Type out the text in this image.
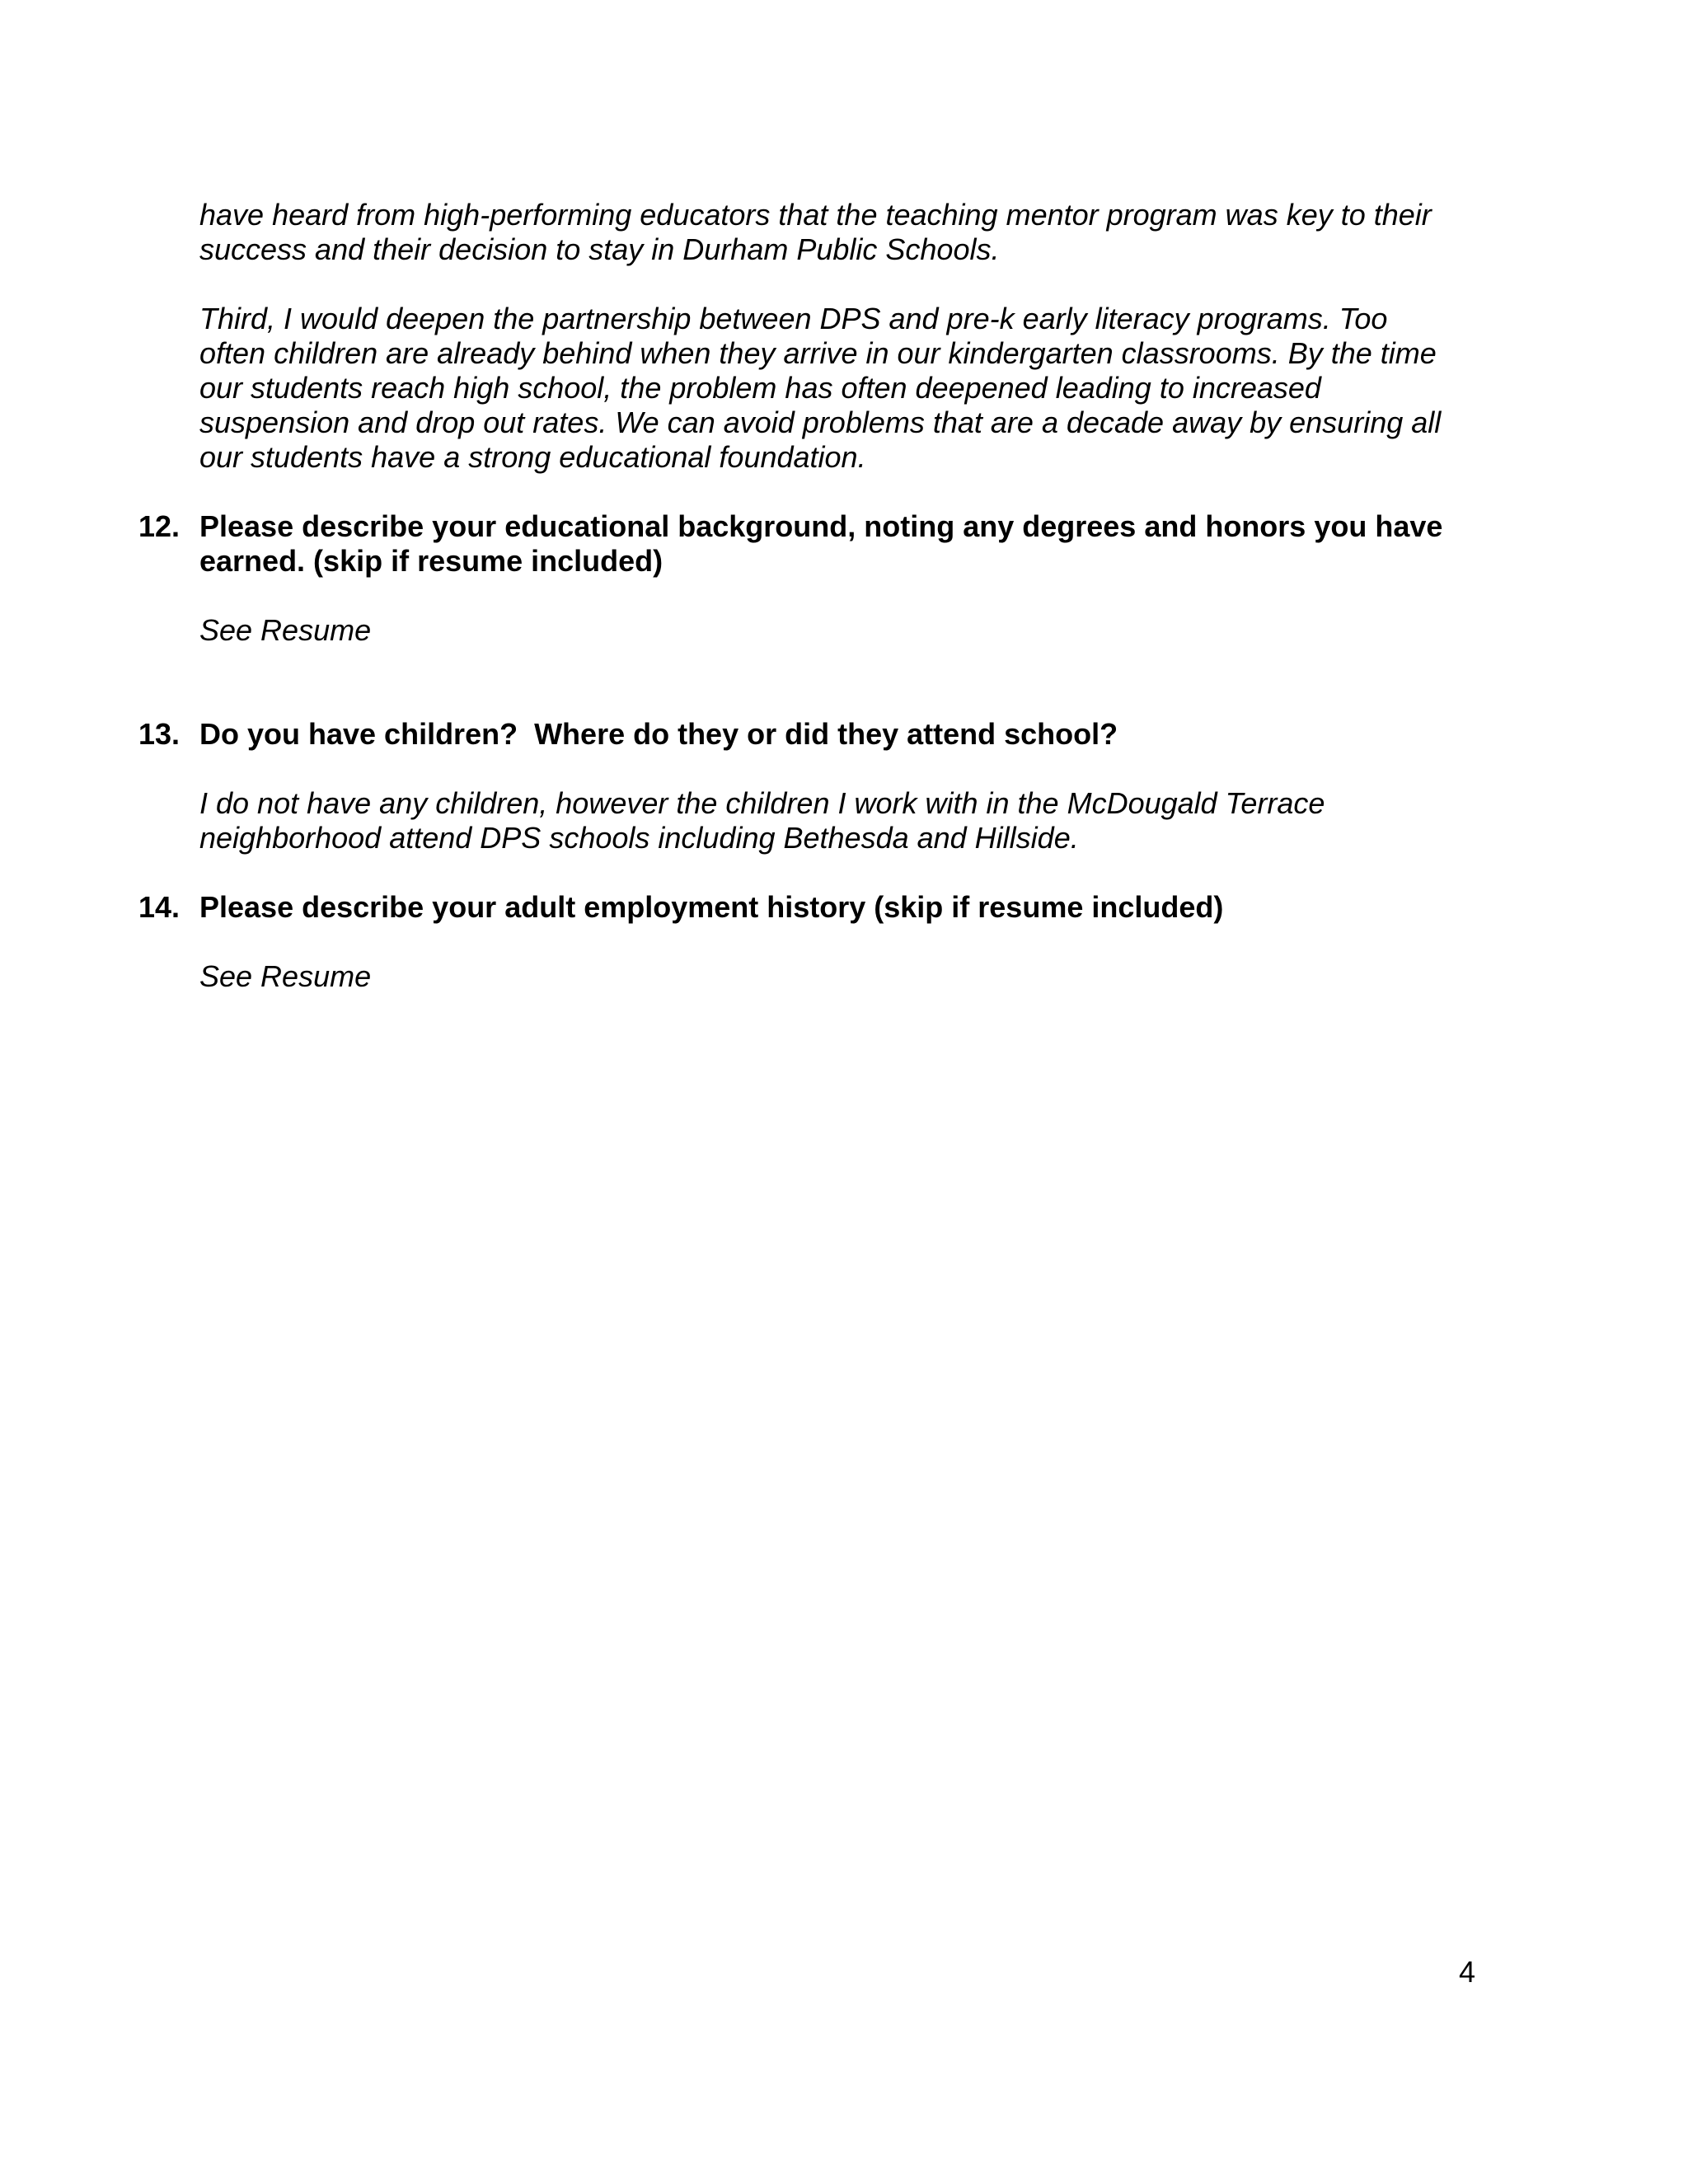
have heard from high-performing educators that the teaching mentor program was key to their
success and their decision to stay in Durham Public Schools.

Third, I would deepen the partnership between DPS and pre-k early literacy programs. Too
often children are already behind when they arrive in our kindergarten classrooms. By the time
our students reach high school, the problem has often deepened leading to increased
suspension and drop out rates. We can avoid problems that are a decade away by ensuring all
our students have a strong educational foundation.

12. Please describe your educational background, noting any degrees and honors you have
earned. (skip if resume included)

See Resume

13. Do you have children?  Where do they or did they attend school?

I do not have any children, however the children I work with in the McDougald Terrace
neighborhood attend DPS schools including Bethesda and Hillside.

14. Please describe your adult employment history (skip if resume included)

See Resume

4
